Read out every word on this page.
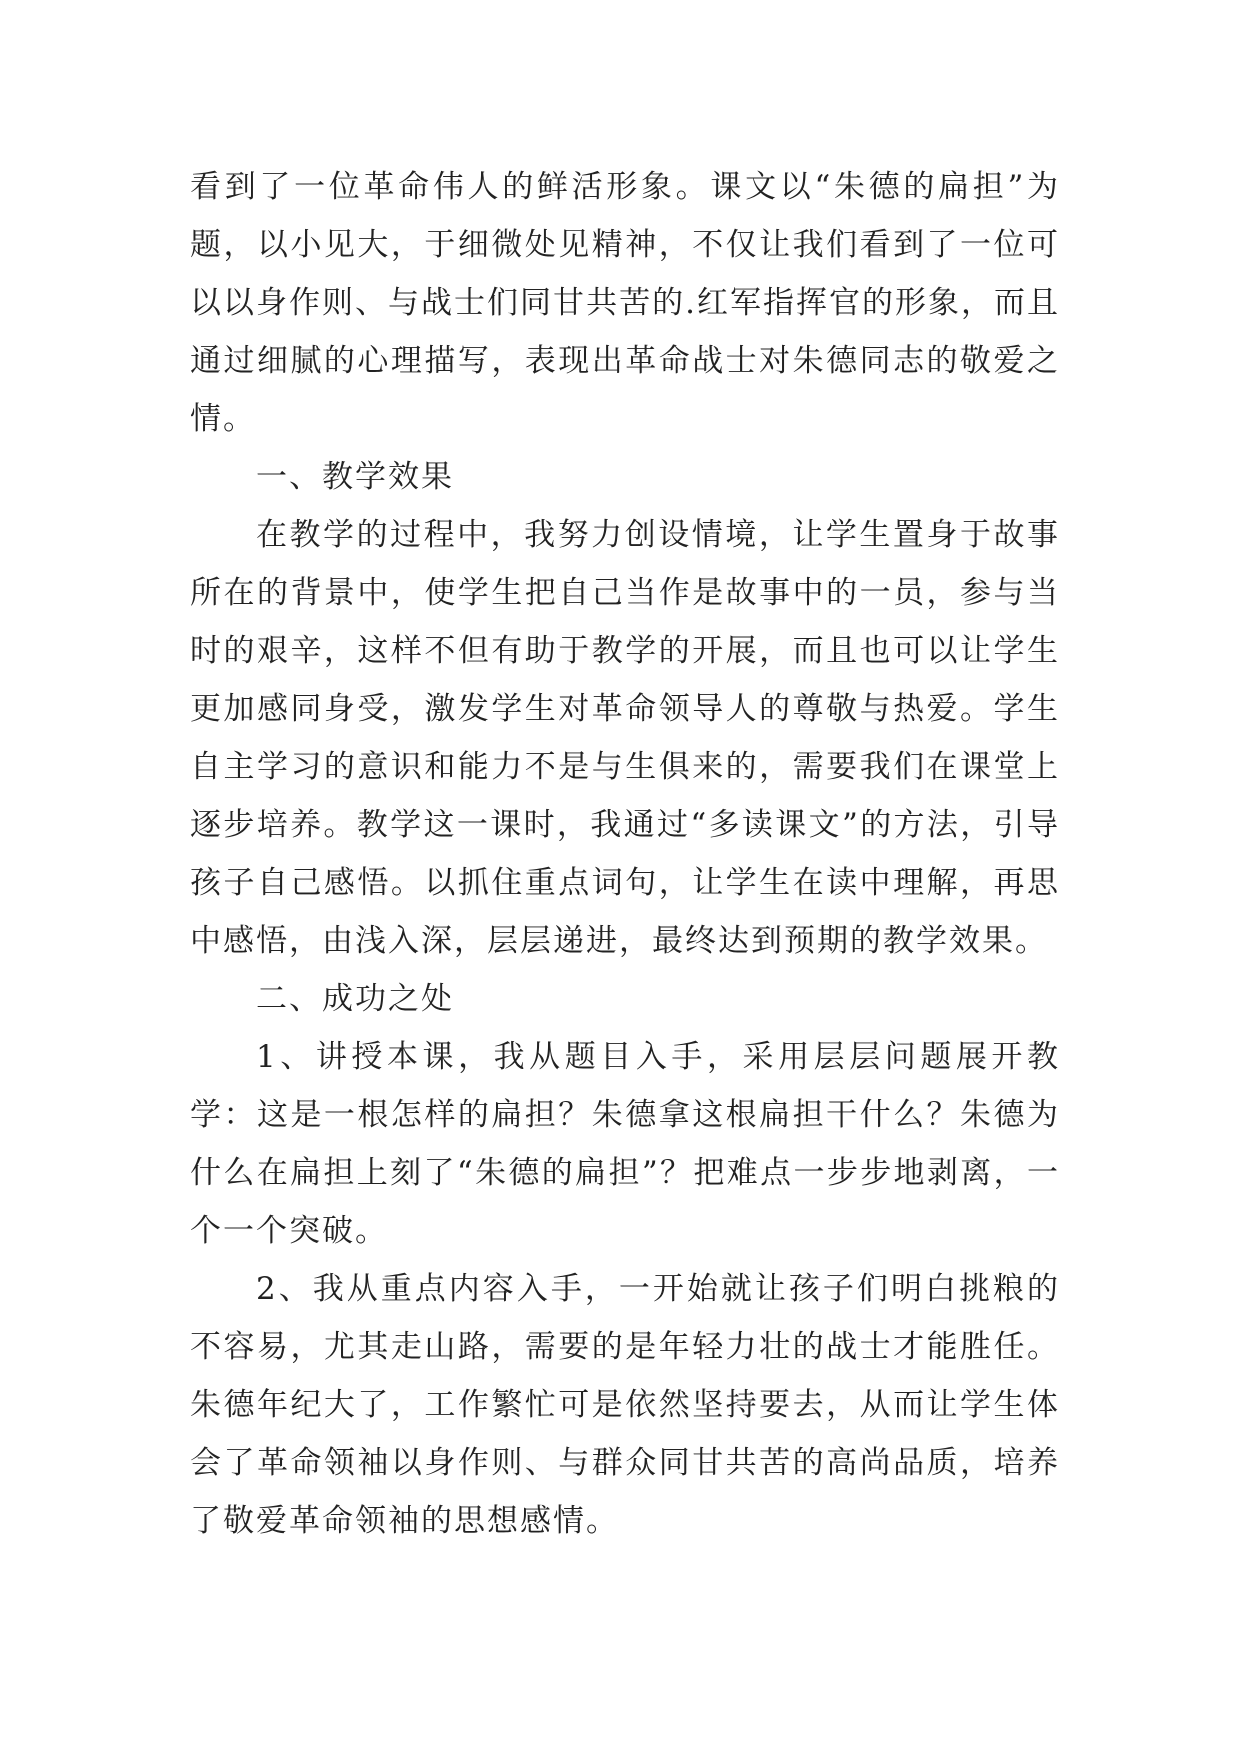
看到了一位革命伟人的鲜活形象。课文以“朱德的扁担”为题，以小见大，于细微处见精神，不仅让我们看到了一位可以以身作则、与战士们同甘共苦的.红军指挥官的形象，而且通过细腻的心理描写，表现出革命战士对朱德同志的敬爱之情。

一、教学效果

在教学的过程中，我努力创设情境，让学生置身于故事所在的背景中，使学生把自己当作是故事中的一员，参与当时的艰辛，这样不但有助于教学的开展，而且也可以让学生更加感同身受，激发学生对革命领导人的尊敬与热爱。学生自主学习的意识和能力不是与生俱来的，需要我们在课堂上逐步培养。教学这一课时，我通过“多读课文”的方法，引导孩子自己感悟。以抓住重点词句，让学生在读中理解，再思中感悟，由浅入深，层层递进，最终达到预期的教学效果。

二、成功之处

1、讲授本课，我从题目入手，采用层层问题展开教学：这是一根怎样的扁担？朱德拿这根扁担干什么？朱德为什么在扁担上刻了“朱德的扁担”？把难点一步步地剥离，一个一个突破。

2、我从重点内容入手，一开始就让孩子们明白挑粮的不容易，尤其走山路，需要的是年轻力壮的战士才能胜任。朱德年纪大了，工作繁忙可是依然坚持要去，从而让学生体会了革命领袖以身作则、与群众同甘共苦的高尚品质，培养了敬爱革命领袖的思想感情。
